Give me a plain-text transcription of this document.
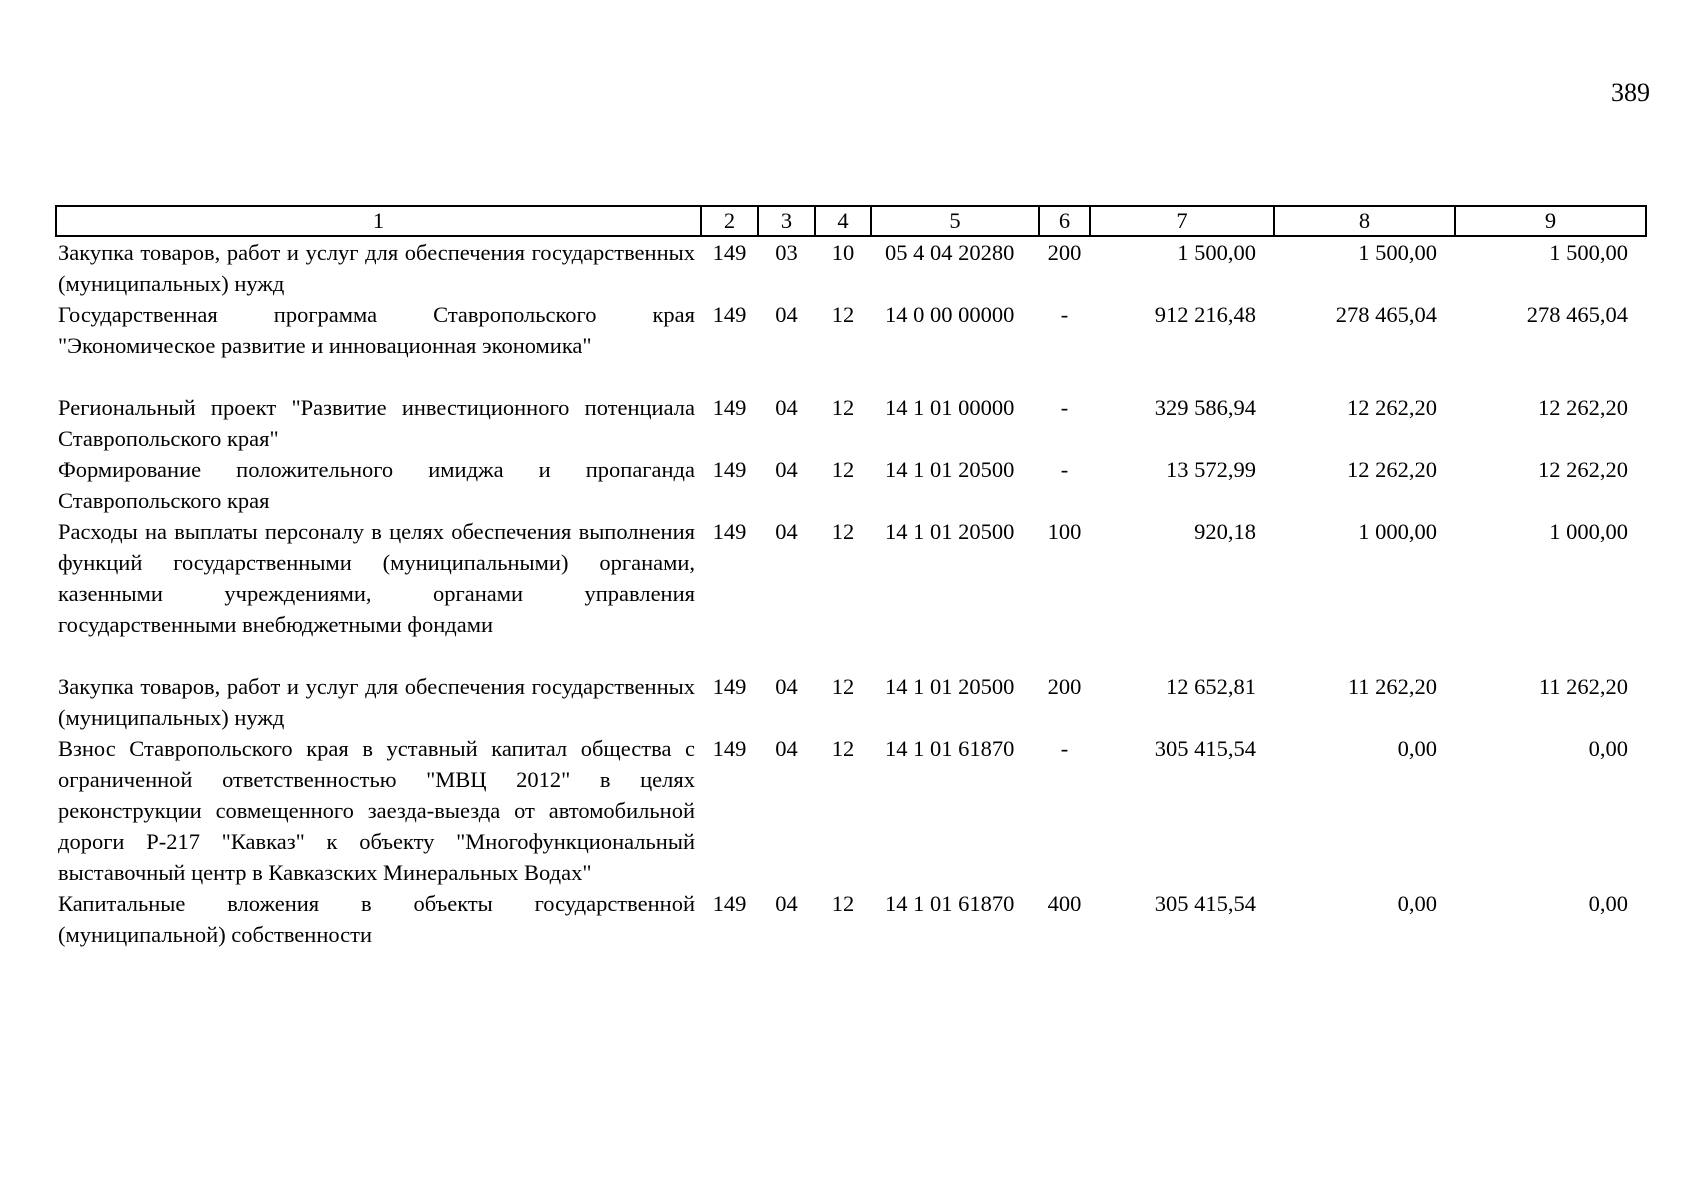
389
1	2	3	4	5	6	7	8	9
Закупка товаров, работ и услуг для обеспечения государственных (муниципальных) нужд	149	03	10	05 4 04 20280	200	1 500,00	1 500,00	1 500,00
Государственная программа Ставропольского края "Экономическое развитие и инновационная экономика"	149	04	12	14 0 00 00000	-	912 216,48	278 465,04	278 465,04
Региональный проект "Развитие инвестиционного потенциала Ставропольского края"	149	04	12	14 1 01 00000	-	329 586,94	12 262,20	12 262,20
Формирование положительного имиджа и пропаганда Ставропольского края	149	04	12	14 1 01 20500	-	13 572,99	12 262,20	12 262,20
Расходы на выплаты персоналу в целях обеспечения выполнения функций государственными (муниципальными) органами, казенными учреждениями, органами управления государственными внебюджетными фондами	149	04	12	14 1 01 20500	100	920,18	1 000,00	1 000,00
Закупка товаров, работ и услуг для обеспечения государственных (муниципальных) нужд	149	04	12	14 1 01 20500	200	12 652,81	11 262,20	11 262,20
Взнос Ставропольского края в уставный капитал общества с ограниченной ответственностью "МВЦ 2012" в целях реконструкции совмещенного заезда-выезда от автомобильной дороги Р-217 "Кавказ" к объекту "Многофункциональный выставочный центр в Кавказских Минеральных Водах"	149	04	12	14 1 01 61870	-	305 415,54	0,00	0,00
Капитальные вложения в объекты государственной (муниципальной) собственности	149	04	12	14 1 01 61870	400	305 415,54	0,00	0,00
